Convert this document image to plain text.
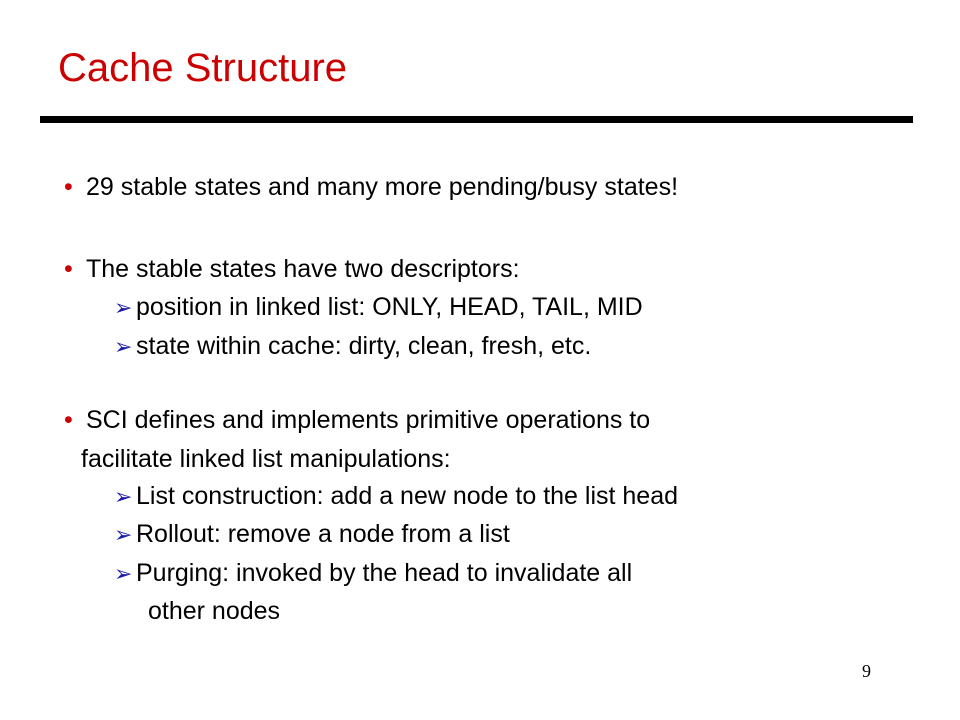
Cache Structure
• 29 stable states and many more pending/busy states!
• The stable states have two descriptors:
➢ position in linked list: ONLY, HEAD, TAIL, MID
➢ state within cache: dirty, clean, fresh, etc.
• SCI defines and implements primitive operations to
facilitate linked list manipulations:
➢ List construction: add a new node to the list head
➢ Rollout: remove a node from a list
➢ Purging: invoked by the head to invalidate all
other nodes
9
